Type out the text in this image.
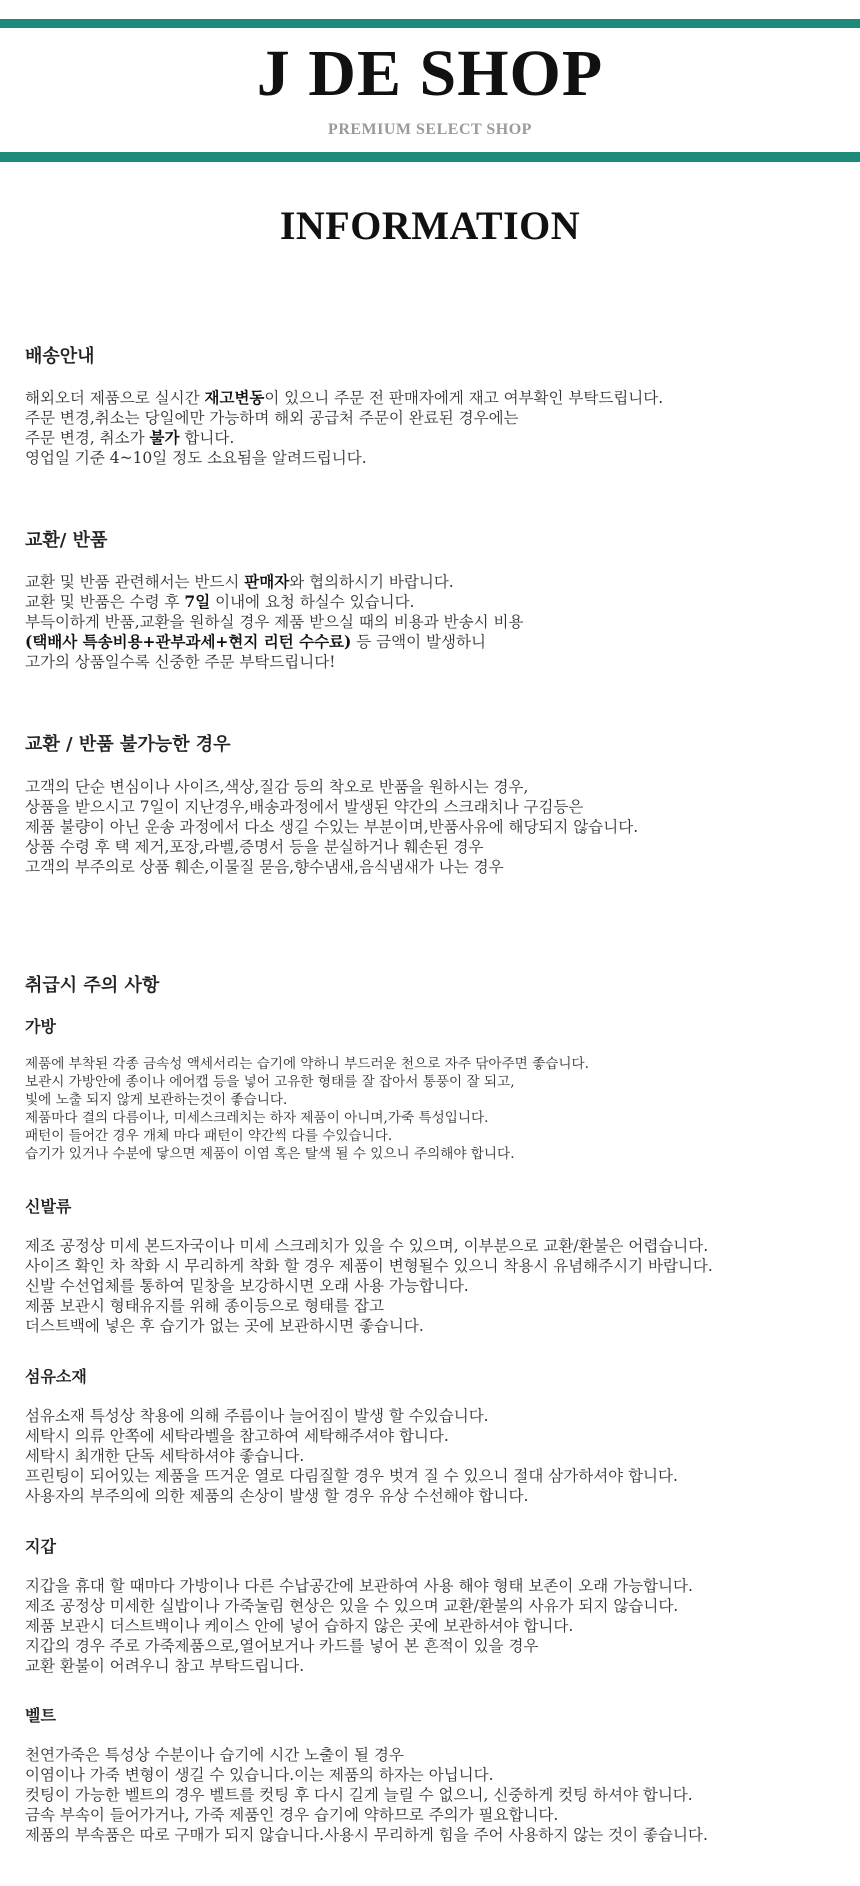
J DE SHOP
PREMIUM SELECT SHOP
INFORMATION
배송안내
해외오더 제품으로 실시간 재고변동이 있으니 주문 전 판매자에게 재고 여부확인 부탁드립니다.
주문 변경,취소는 당일에만 가능하며 해외 공급처 주문이 완료된 경우에는
주문 변경, 취소가 불가 합니다.
영업일 기준 4~10일 정도 소요됨을 알려드립니다.
교환/ 반품
교환 및 반품 관련해서는 반드시 판매자와 협의하시기 바랍니다.
교환 및 반품은 수령 후 7일 이내에 요청 하실수 있습니다.
부득이하게 반품,교환을 원하실 경우 제품 받으실 때의 비용과 반송시 비용
(택배사 특송비용+관부과세+현지 리턴 수수료) 등 금액이 발생하니
고가의 상품일수록 신중한 주문 부탁드립니다!
교환 / 반품 불가능한 경우
고객의 단순 변심이나 사이즈,색상,질감 등의 착오로 반품을 원하시는 경우,
상품을 받으시고 7일이 지난경우,배송과정에서 발생된 약간의 스크래치나 구김등은
제품 불량이 아닌 운송 과정에서 다소 생길 수있는 부분이며,반품사유에 해당되지 않습니다.
상품 수령 후 택 제거,포장,라벨,증명서 등을 분실하거나 훼손된 경우
고객의 부주의로 상품 훼손,이물질 묻음,향수냄새,음식냄새가 나는 경우
취급시 주의 사항
가방
제품에 부착된 각종 금속성 액세서리는 습기에 약하니 부드러운 천으로 자주 닦아주면 좋습니다.
보관시 가방안에 종이나 에어캡 등을 넣어 고유한 형태를 잘 잡아서 통풍이 잘 되고,
빛에 노출 되지 않게 보관하는것이 좋습니다.
제품마다 결의 다름이나, 미세스크레치는 하자 제품이 아니며,가죽 특성입니다.
패턴이 들어간 경우 개체 마다 패턴이 약간씩 다를 수있습니다.
습기가 있거나 수분에 닿으면 제품이 이염 혹은 탈색 될 수 있으니 주의해야 합니다.
신발류
제조 공정상 미세 본드자국이나 미세 스크레치가 있을 수 있으며, 이부분으로 교환/환불은 어렵습니다.
사이즈 확인 차 착화 시 무리하게 착화 할 경우 제품이 변형될수 있으니 착용시 유념해주시기 바랍니다.
신발 수선업체를 통하여 밑창을 보강하시면 오래 사용 가능합니다.
제품 보관시 형태유지를 위해 종이등으로 형태를 잡고
더스트백에 넣은 후 습기가 없는 곳에 보관하시면 좋습니다.
섬유소재
섬유소재 특성상 착용에 의해 주름이나 늘어짐이 발생 할 수있습니다.
세탁시 의류 안쪽에 세탁라벨을 참고하여 세탁해주셔야 합니다.
세탁시 최개한 단독 세탁하셔야 좋습니다.
프린팅이 되어있는 제품을 뜨거운 열로 다림질할 경우 벗겨 질 수 있으니 절대 삼가하셔야 합니다.
사용자의 부주의에 의한 제품의 손상이 발생 할 경우 유상 수선해야 합니다.
지갑
지갑을 휴대 할 때마다 가방이나 다른 수납공간에 보관하여 사용 해야 형태 보존이 오래 가능합니다.
제조 공정상 미세한 실밥이나 가죽눌림 현상은 있을 수 있으며 교환/환불의 사유가 되지 않습니다.
제품 보관시 더스트백이나 케이스 안에 넣어 습하지 않은 곳에 보관하셔야 합니다.
지갑의 경우 주로 가죽제품으로,열어보거나 카드를 넣어 본 흔적이 있을 경우
교환 환불이 어려우니 참고 부탁드립니다.
벨트
천연가죽은 특성상 수분이나 습기에 시간 노출이 될 경우
이염이나 가죽 변형이 생길 수 있습니다.이는 제품의 하자는 아닙니다.
컷팅이 가능한 벨트의 경우 벨트를 컷팅 후 다시 길게 늘릴 수 없으니, 신중하게 컷팅 하셔야 합니다.
금속 부속이 들어가거나, 가죽 제품인 경우 습기에 약하므로 주의가 필요합니다.
제품의 부속품은 따로 구매가 되지 않습니다.사용시 무리하게 힘을 주어 사용하지 않는 것이 좋습니다.
